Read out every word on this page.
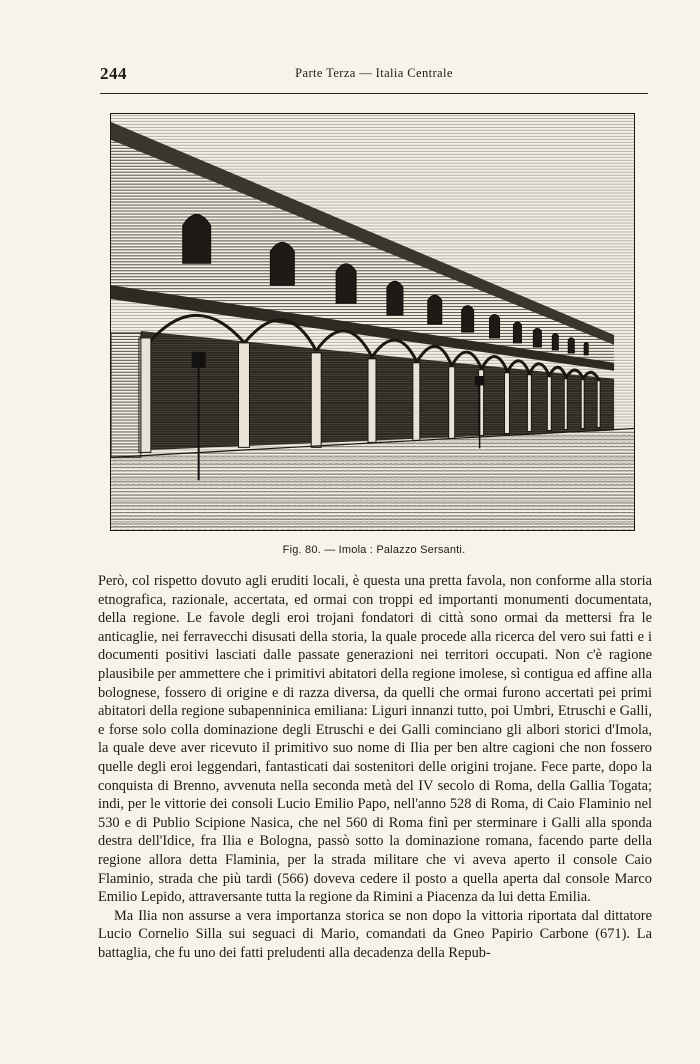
244	Parte Terza — Italia Centrale
Fig. 80. — Imola : Palazzo Sersanti.

Però, col rispetto dovuto agli eruditi locali, è questa una pretta favola, non conforme alla storia etnografica, razionale, accertata, ed ormai con troppi ed importanti monumenti documentata, della regione. Le favole degli eroi trojani fondatori di città sono ormai da mettersi fra le anticaglie, nei ferravecchi disusati della storia, la quale procede alla ricerca del vero sui fatti e i documenti positivi lasciati dalle passate generazioni nei territori occupati. Non c'è ragione plausibile per ammettere che i primitivi abitatori della regione imolese, sì contigua ed affine alla bolognese, fossero di origine e di razza diversa, da quelli che ormai furono accertati pei primi abitatori della regione subapenninica emiliana: Liguri innanzi tutto, poi Umbri, Etruschi e Galli, e forse solo colla dominazione degli Etruschi e dei Galli cominciano gli albori storici d'Imola, la quale deve aver ricevuto il primitivo suo nome di Ilia per ben altre cagioni che non fossero quelle degli eroi leggendari, fantasticati dai sostenitori delle origini trojane. Fece parte, dopo la conquista di Brenno, avvenuta nella seconda metà del IV secolo di Roma, della Gallia Togata; indi, per le vittorie dei consoli Lucio Emilio Papo, nell'anno 528 di Roma, di Caio Flaminio nel 530 e di Publio Scipione Nasica, che nel 560 di Roma finì per sterminare i Galli alla sponda destra dell'Idice, fra Ilia e Bologna, passò sotto la dominazione romana, facendo parte della regione allora detta Flaminia, per la strada militare che vi aveva aperto il console Caio Flaminio, strada che più tardi (566) doveva cedere il posto a quella aperta dal console Marco Emilio Lepido, attraversante tutta la regione da Rimini a Piacenza da lui detta Emilia.

Ma Ilia non assurse a vera importanza storica se non dopo la vittoria riportata dal dittatore Lucio Cornelio Silla sui seguaci di Mario, comandati da Gneo Papirio Carbone (671). La battaglia, che fu uno dei fatti preludenti alla decadenza della Repub-
